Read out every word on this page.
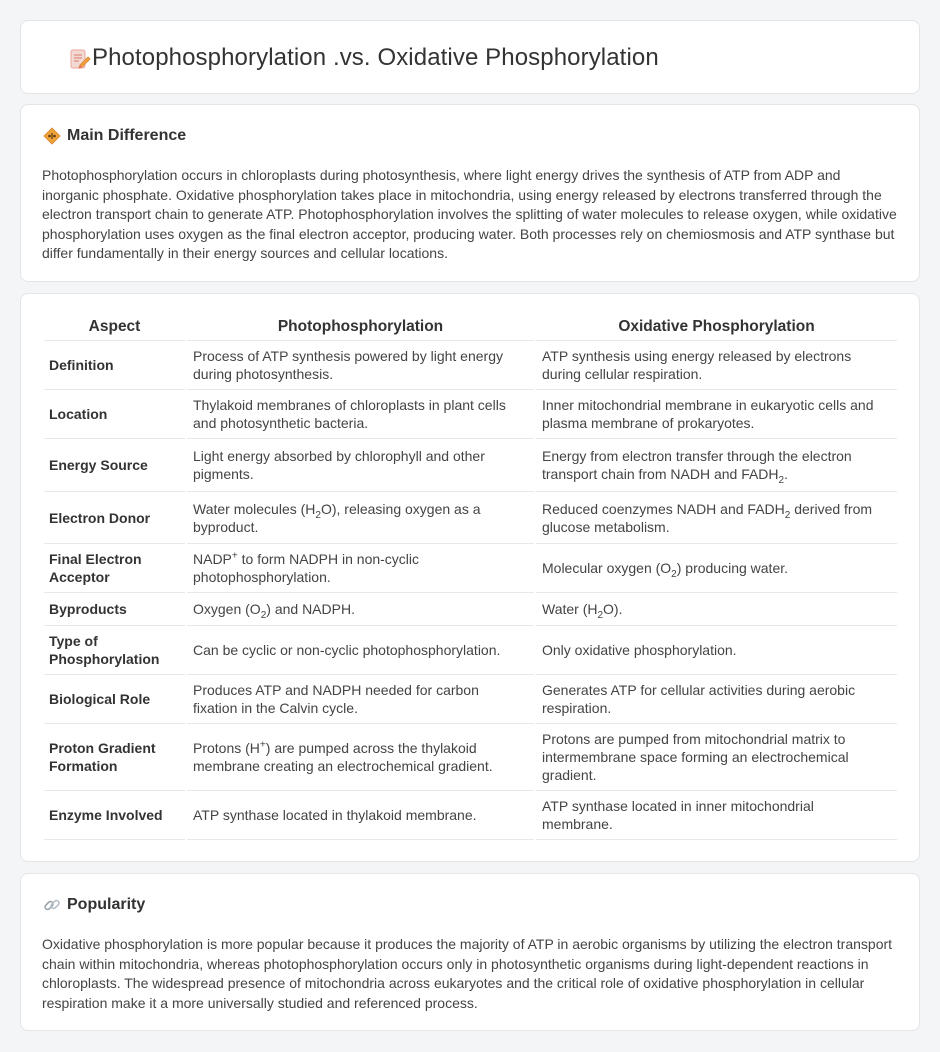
Photophosphorylation .vs. Oxidative Phosphorylation
Main Difference

Photophosphorylation occurs in chloroplasts during photosynthesis, where light energy drives the synthesis of ATP from ADP and inorganic phosphate. Oxidative phosphorylation takes place in mitochondria, using energy released by electrons transferred through the electron transport chain to generate ATP. Photophosphorylation involves the splitting of water molecules to release oxygen, while oxidative phosphorylation uses oxygen as the final electron acceptor, producing water. Both processes rely on chemiosmosis and ATP synthase but differ fundamentally in their energy sources and cellular locations.

Aspect	Photophosphorylation	Oxidative Phosphorylation
Definition	Process of ATP synthesis powered by light energy during photosynthesis.	ATP synthesis using energy released by electrons during cellular respiration.
Location	Thylakoid membranes of chloroplasts in plant cells and photosynthetic bacteria.	Inner mitochondrial membrane in eukaryotic cells and plasma membrane of prokaryotes.
Energy Source	Light energy absorbed by chlorophyll and other pigments.	Energy from electron transfer through the electron transport chain from NADH and $FADH_2$.
Electron Donor	Water molecules $(H_2O)$, releasing oxygen as a byproduct.	Reduced coenzymes NADH and $FADH_2$ derived from glucose metabolism.
Final Electron Acceptor	NADP+ to form NADPH in non-cyclic photophosphorylation.	Molecular oxygen $(O_2)$ producing water.
Byproducts	Oxygen $(O_2)$ and NADPH.	Water $(H_2O)$.
Type of Phosphorylation	Can be cyclic or non-cyclic photophosphorylation.	Only oxidative phosphorylation.
Biological Role	Produces ATP and NADPH needed for carbon fixation in the Calvin cycle.	Generates ATP for cellular activities during aerobic respiration.
Proton Gradient Formation	Protons (H+) are pumped across the thylakoid membrane creating an electrochemical gradient.	Protons are pumped from mitochondrial matrix to intermembrane space forming an electrochemical gradient.
Enzyme Involved	ATP synthase located in thylakoid membrane.	ATP synthase located in inner mitochondrial membrane.
Popularity

Oxidative phosphorylation is more popular because it produces the majority of ATP in aerobic organisms by utilizing the electron transport chain within mitochondria, whereas photophosphorylation occurs only in photosynthetic organisms during light-dependent reactions in chloroplasts. The widespread presence of mitochondria across eukaryotes and the critical role of oxidative phosphorylation in cellular respiration make it a more universally studied and referenced process.
